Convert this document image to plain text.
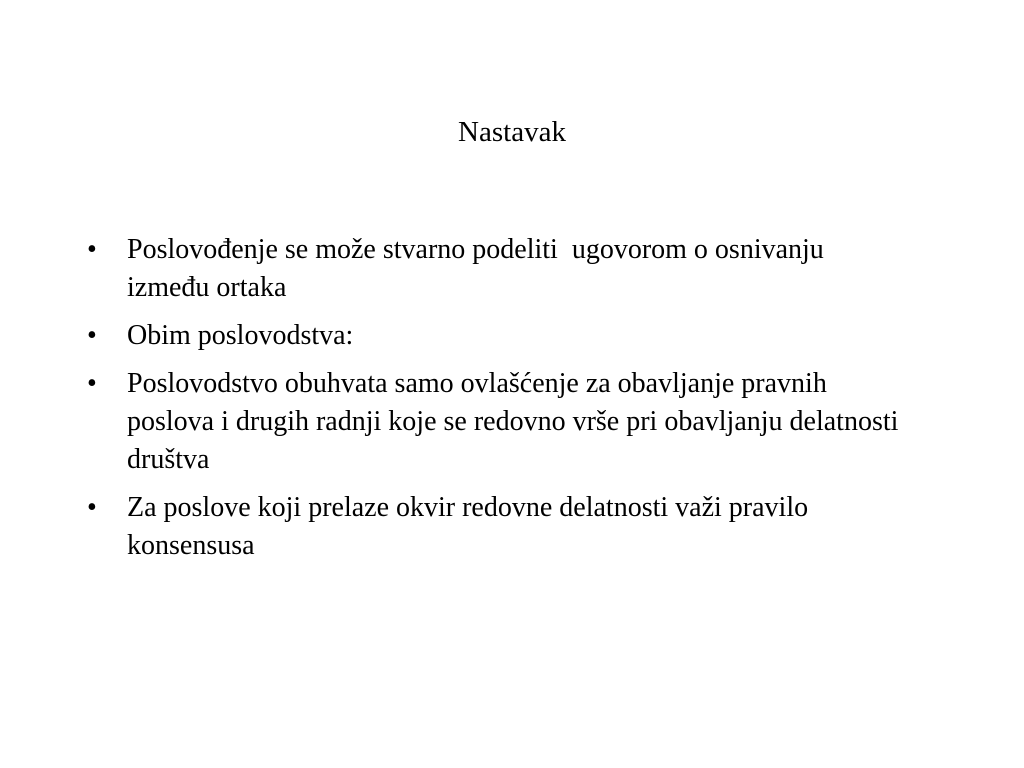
Nastavak
•	Poslovođenje se može stvarno podeliti  ugovorom o osnivanju između ortaka
•	Obim poslovodstva:
•	Poslovodstvo obuhvata samo ovlašćenje za obavljanje pravnih poslova i drugih radnji koje se redovno vrše pri obavljanju delatnosti društva
•	Za poslove koji prelaze okvir redovne delatnosti važi pravilo konsensusa
